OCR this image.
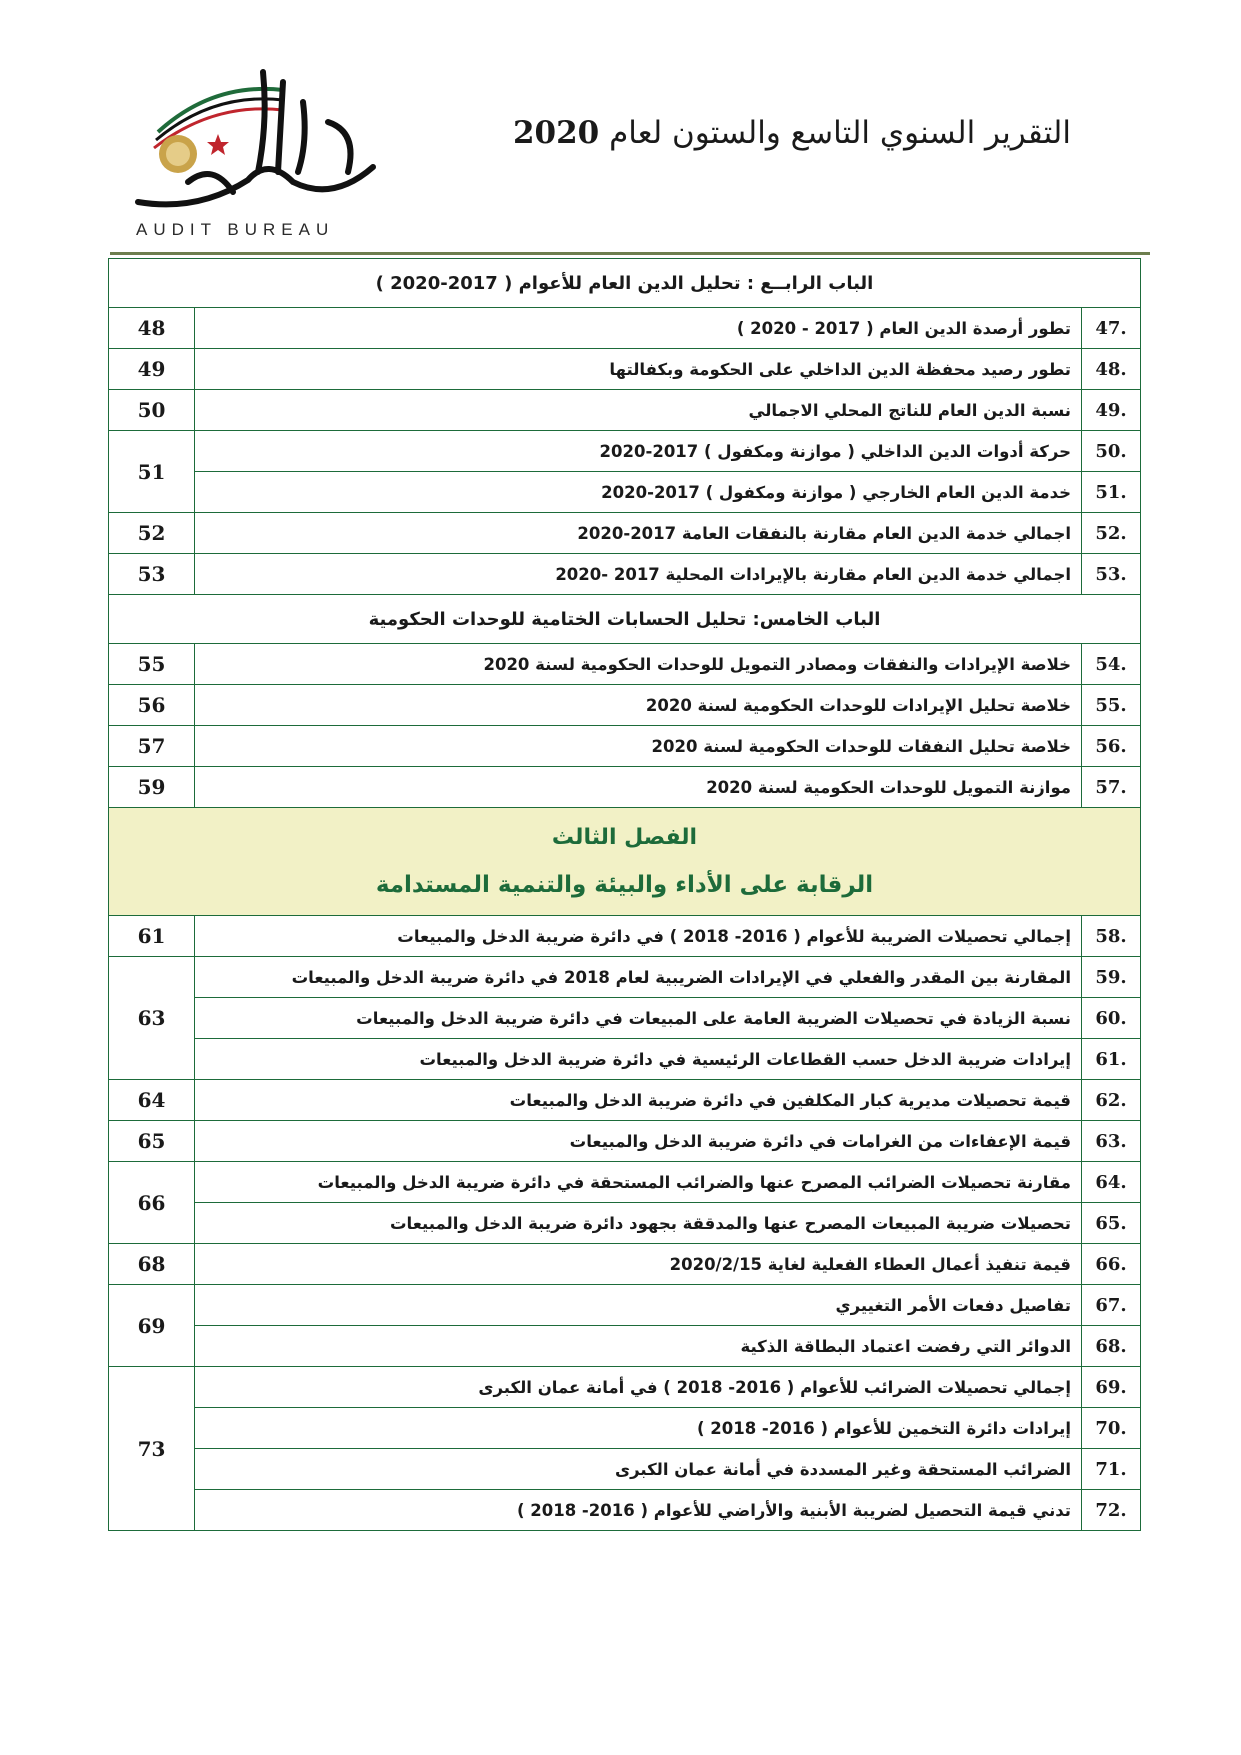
AUDIT BUREAU
التقرير السنوي التاسع والستون لعام 2020
الباب الرابــع : تحليل الدين العام للأعوام ( 2017-2020 )		
.47	تطور أرصدة الدين العام ( 2017 - 2020 )	48
.48	تطور رصيد محفظة الدين الداخلي على الحكومة وبكفالتها	49
.49	نسبة الدين العام للناتج المحلي الاجمالي	50
.50	حركة أدوات الدين الداخلي ( موازنة ومكفول ) 2017-2020	51
.51	خدمة الدين العام الخارجي ( موازنة ومكفول ) 2017-2020	
.52	اجمالي خدمة الدين العام مقارنة بالنفقات العامة 2017-2020	52
.53	اجمالي خدمة الدين العام مقارنة بالإيرادات المحلية 2017 -2020	53
الباب الخامس: تحليل الحسابات الختامية للوحدات الحكومية		
.54	خلاصة الإيرادات والنفقات ومصادر التمويل للوحدات الحكومية لسنة 2020	55
.55	خلاصة تحليل الإيرادات للوحدات الحكومية لسنة 2020	56
.56	خلاصة تحليل النفقات للوحدات الحكومية لسنة 2020	57
.57	موازنة التمويل للوحدات الحكومية لسنة 2020	59

الفصل الثالث
الرقابة على الأداء والبيئة والتنمية المستدامة		

.58	إجمالي تحصيلات الضريبة للأعوام ( 2016- 2018 ) في دائرة ضريبة الدخل والمبيعات	61
.59	المقارنة بين المقدر والفعلي في الإيرادات الضريبية لعام 2018 في دائرة ضريبة الدخل والمبيعات	63
.60	نسبة الزيادة في تحصيلات الضريبة العامة على المبيعات في دائرة ضريبة الدخل والمبيعات	
.61	إيرادات ضريبة الدخل حسب القطاعات الرئيسية في دائرة ضريبة الدخل والمبيعات	
.62	قيمة تحصيلات مديرية كبار المكلفين في دائرة ضريبة الدخل والمبيعات	64
.63	قيمة الإعفاءات من الغرامات في دائرة ضريبة الدخل والمبيعات	65
.64	مقارنة تحصيلات الضرائب المصرح عنها والضرائب المستحقة في دائرة ضريبة الدخل والمبيعات	66
.65	تحصيلات ضريبة المبيعات المصرح عنها والمدققة بجهود دائرة ضريبة الدخل والمبيعات	
.66	قيمة تنفيذ أعمال العطاء الفعلية لغاية 2020/2/15	68
.67	تفاصيل دفعات الأمر التغييري	69
.68	الدوائر التي رفضت اعتماد البطاقة الذكية	
.69	إجمالي تحصيلات الضرائب للأعوام ( 2016- 2018 ) في أمانة عمان الكبرى	73
.70	إيرادات دائرة التخمين للأعوام ( 2016- 2018 )	
.71	الضرائب المستحقة وغير المسددة في أمانة عمان الكبرى	
.72	تدني قيمة التحصيل لضريبة الأبنية والأراضي للأعوام ( 2016- 2018 )	
